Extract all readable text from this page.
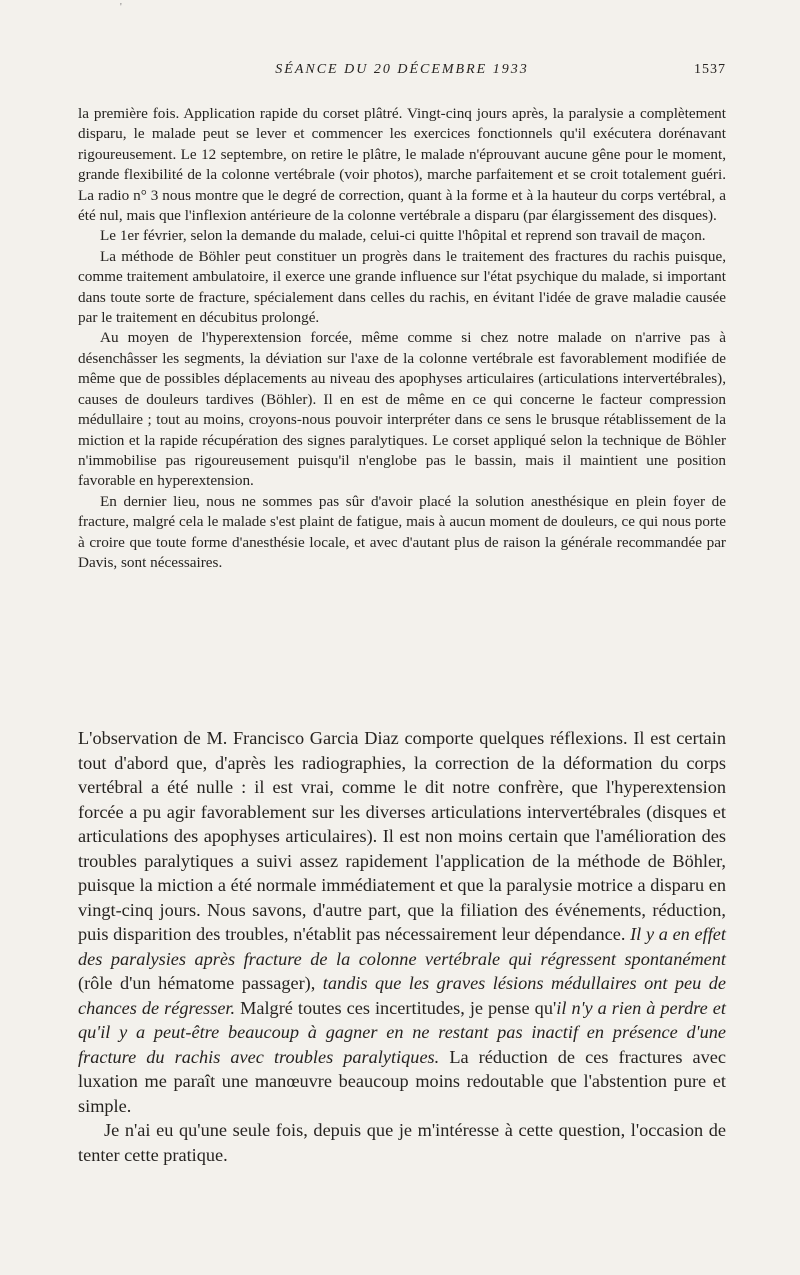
'
SÉANCE DU 20 DÉCEMBRE 1933	1537

la première fois. Application rapide du corset plâtré. Vingt-cinq jours après, la paralysie a complètement disparu, le malade peut se lever et commencer les exercices fonctionnels qu'il exécutera dorénavant rigoureusement. Le 12 septembre, on retire le plâtre, le malade n'éprouvant aucune gêne pour le moment, grande flexibilité de la colonne vertébrale (voir photos), marche parfaitement et se croit totalement guéri. La radio n° 3 nous montre que le degré de correction, quant à la forme et à la hauteur du corps vertébral, a été nul, mais que l'inflexion antérieure de la colonne vertébrale a disparu (par élargissement des disques).

Le 1er février, selon la demande du malade, celui-ci quitte l'hôpital et reprend son travail de maçon.

La méthode de Böhler peut constituer un progrès dans le traitement des fractures du rachis puisque, comme traitement ambulatoire, il exerce une grande influence sur l'état psychique du malade, si important dans toute sorte de fracture, spécialement dans celles du rachis, en évitant l'idée de grave maladie causée par le traitement en décubitus prolongé.

Au moyen de l'hyperextension forcée, même comme si chez notre malade on n'arrive pas à désenchâsser les segments, la déviation sur l'axe de la colonne vertébrale est favorablement modifiée de même que de possibles déplacements au niveau des apophyses articulaires (articulations intervertébrales), causes de douleurs tardives (Böhler). Il en est de même en ce qui concerne le facteur compression médullaire ; tout au moins, croyons-nous pouvoir interpréter dans ce sens le brusque rétablissement de la miction et la rapide récupération des signes paralytiques. Le corset appliqué selon la technique de Böhler n'immobilise pas rigoureusement puisqu'il n'englobe pas le bassin, mais il maintient une position favorable en hyperextension.

En dernier lieu, nous ne sommes pas sûr d'avoir placé la solution anesthésique en plein foyer de fracture, malgré cela le malade s'est plaint de fatigue, mais à aucun moment de douleurs, ce qui nous porte à croire que toute forme d'anesthésie locale, et avec d'autant plus de raison la générale recommandée par Davis, sont nécessaires.

L'observation de M. Francisco Garcia Diaz comporte quelques réflexions. Il est certain tout d'abord que, d'après les radiographies, la correction de la déformation du corps vertébral a été nulle : il est vrai, comme le dit notre confrère, que l'hyperextension forcée a pu agir favorablement sur les diverses articulations intervertébrales (disques et articulations des apophyses articulaires). Il est non moins certain que l'amélioration des troubles paralytiques a suivi assez rapidement l'application de la méthode de Böhler, puisque la miction a été normale immédiatement et que la paralysie motrice a disparu en vingt-cinq jours. Nous savons, d'autre part, que la filiation des événements, réduction, puis disparition des troubles, n'établit pas nécessairement leur dépendance. Il y a en effet des paralysies après fracture de la colonne vertébrale qui régressent spontanément (rôle d'un hématome passager), tandis que les graves lésions médullaires ont peu de chances de régresser. Malgré toutes ces incertitudes, je pense qu'il n'y a rien à perdre et qu'il y a peut-être beaucoup à gagner en ne restant pas inactif en présence d'une fracture du rachis avec troubles paralytiques. La réduction de ces fractures avec luxation me paraît une manœuvre beaucoup moins redoutable que l'abstention pure et simple.

Je n'ai eu qu'une seule fois, depuis que je m'intéresse à cette question, l'occasion de tenter cette pratique.
